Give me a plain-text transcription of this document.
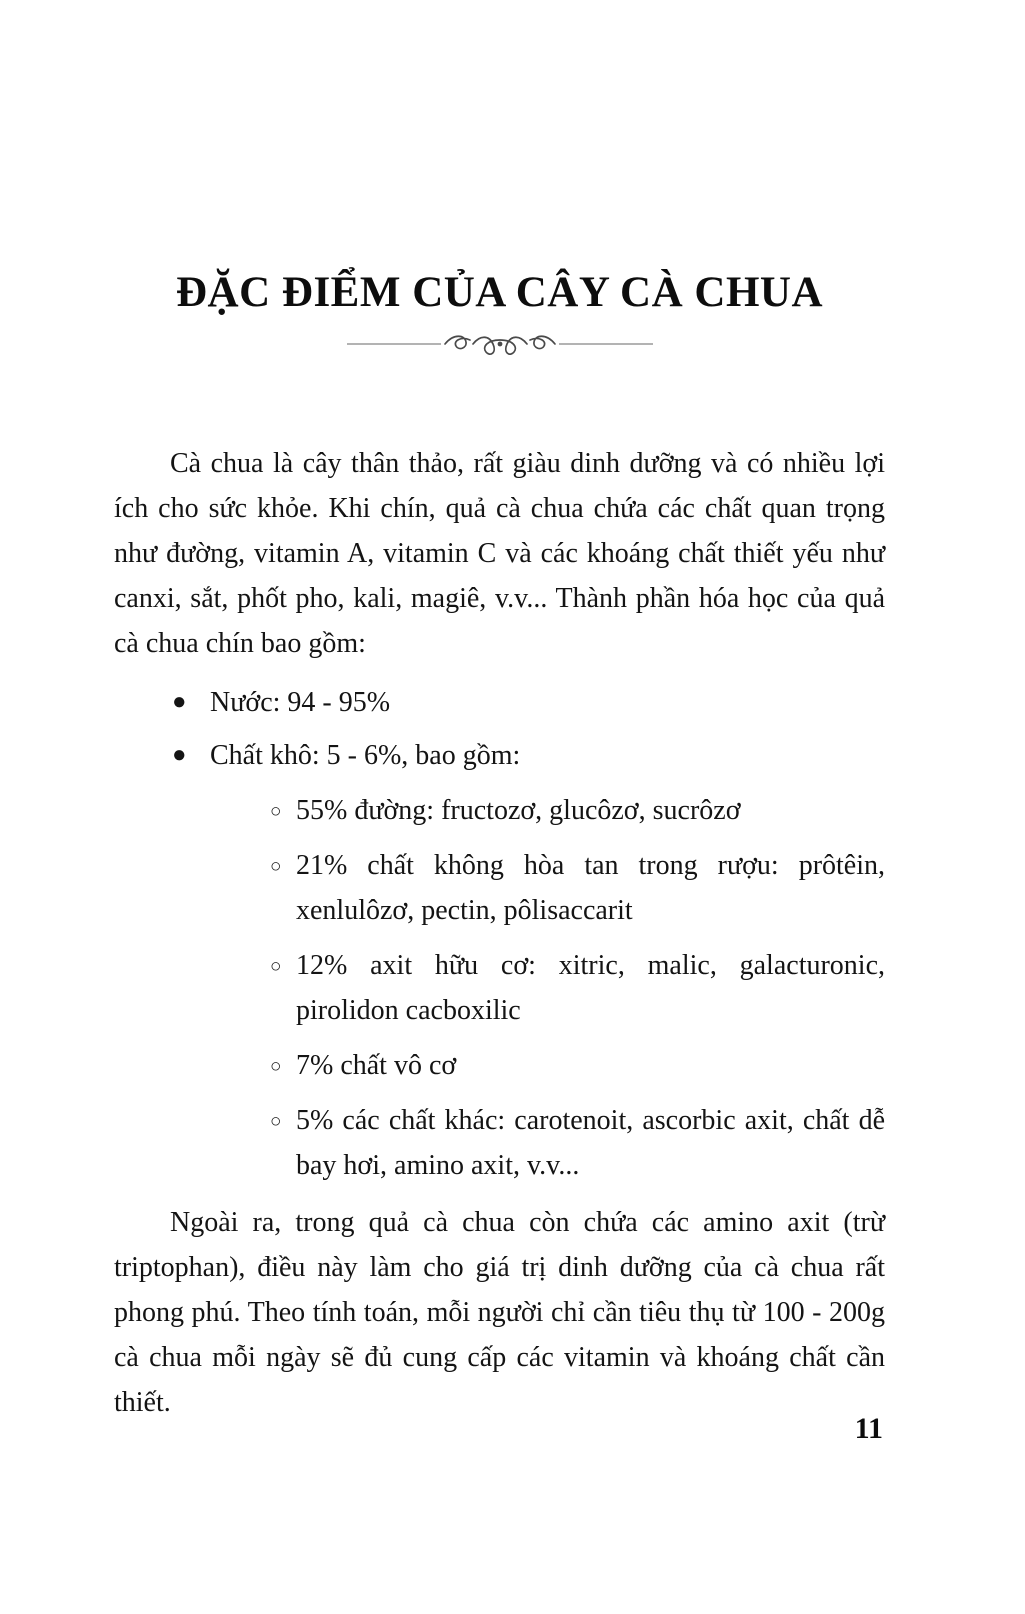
ĐẶC ĐIỂM CỦA CÂY CÀ CHUA

Cà chua là cây thân thảo, rất giàu dinh dưỡng và có nhiều lợi ích cho sức khỏe. Khi chín, quả cà chua chứa các chất quan trọng như đường, vitamin A, vitamin C và các khoáng chất thiết yếu như canxi, sắt, phốt pho, kali, magiê, v.v... Thành phần hóa học của quả cà chua chín bao gồm:

● Nước: 94 - 95%
● Chất khô: 5 - 6%, bao gồm:
○ 55% đường: fructozơ, glucôzơ, sucrôzơ
○ 21% chất không hòa tan trong rượu: prôtêin, xenlulôzơ, pectin, pôlisaccarit
○ 12% axit hữu cơ: xitric, malic, galacturonic, pirolidon cacboxilic
○ 7% chất vô cơ
○ 5% các chất khác: carotenoit, ascorbic axit, chất dễ bay hơi, amino axit, v.v...

Ngoài ra, trong quả cà chua còn chứa các amino axit (trừ triptophan), điều này làm cho giá trị dinh dưỡng của cà chua rất phong phú. Theo tính toán, mỗi người chỉ cần tiêu thụ từ 100 - 200g cà chua mỗi ngày sẽ đủ cung cấp các vitamin và khoáng chất cần thiết.

11
